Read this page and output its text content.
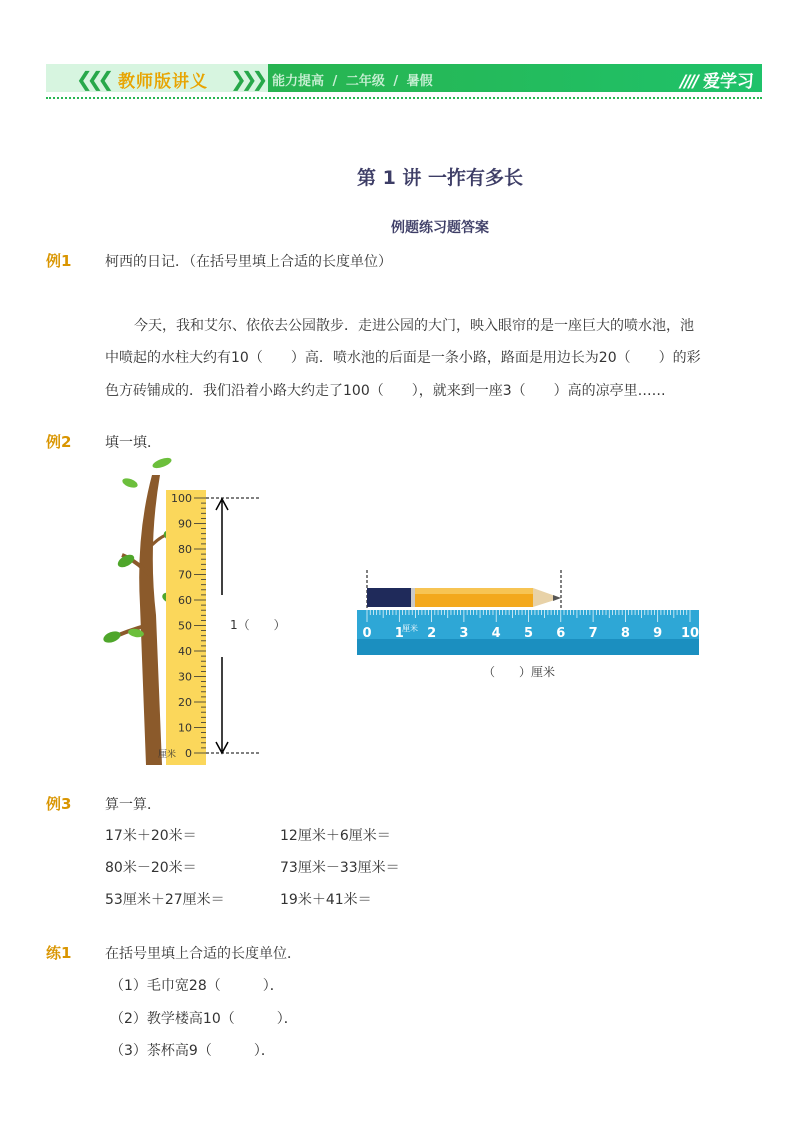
❮❮❮ 教师版讲义 ❯❯❯ 能力提高 / 二年级 / 暑假	//// 爱学习
第 1 讲 一拃有多长
例题练习题答案
例1 柯西的日记．（在括号里填上合适的长度单位）
今天，我和艾尔、依依去公园散步．走进公园的大门，映入眼帘的是一座巨大的喷水池，池
中喷起的水柱大约有10（　　）高．喷水池的后面是一条小路，路面是用边长为20（　　）的彩
色方砖铺成的．我们沿着小路大约走了100（　　），就来到一座3（　　）高的凉亭里……
例2 填一填．
100
90
80
70
60
50
40
30
20
10
0
厘米
1（　　）
0 1 2 3 4 5 6 7 8 9 10
厘米
（　　）厘米
例3 算一算．
17米＋20米＝	12厘米＋6厘米＝
80米－20米＝	73厘米－33厘米＝
53厘米＋27厘米＝	19米＋41米＝
练1 在括号里填上合适的长度单位．
（1）毛巾宽28（　　　）．
（2）教学楼高10（　　　）．
（3）茶杯高9（　　　）．
